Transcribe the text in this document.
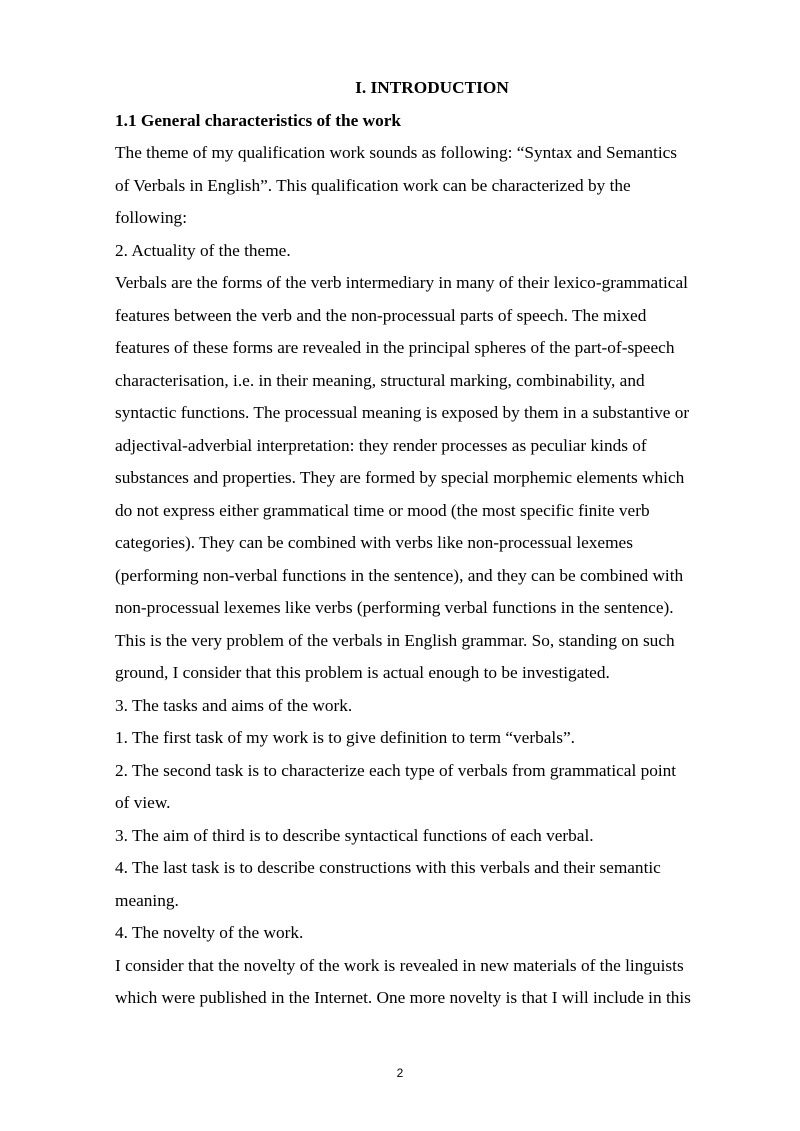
I. INTRODUCTION
1.1 General characteristics of the work
The theme of my qualification work sounds as following: “Syntax and Semantics
of Verbals in English”. This qualification work can be characterized by the
following:
2. Actuality of the theme.
Verbals are the forms of the verb intermediary in many of their lexico-grammatical
features between the verb and the non-processual parts of speech. The mixed
features of these forms are revealed in the principal spheres of the part-of-speech
characterisation, i.e. in their meaning, structural marking, combinability, and
syntactic functions. The processual meaning is exposed by them in a substantive or
adjectival-adverbial interpretation: they render processes as peculiar kinds of
substances and properties. They are formed by special morphemic elements which
do not express either grammatical time or mood (the most specific finite verb
categories). They can be combined with verbs like non-processual lexemes
(performing non-verbal functions in the sentence), and they can be combined with
non-processual lexemes like verbs (performing verbal functions in the sentence).
This is the very problem of the verbals in English grammar. So, standing on such
ground, I consider that this problem is actual enough to be investigated.
3. The tasks and aims of the work.
1. The first task of my work is to give definition to term “verbals”.
2. The second task is to characterize each type of verbals from grammatical point
of view.
3. The aim of third is to describe syntactical functions of each verbal.
4. The last task is to describe constructions with this verbals and their semantic
meaning.
4. The novelty of the work.
I consider that the novelty of the work is revealed in new materials of the linguists
which were published in the Internet. One more novelty is that I will include in this
2
